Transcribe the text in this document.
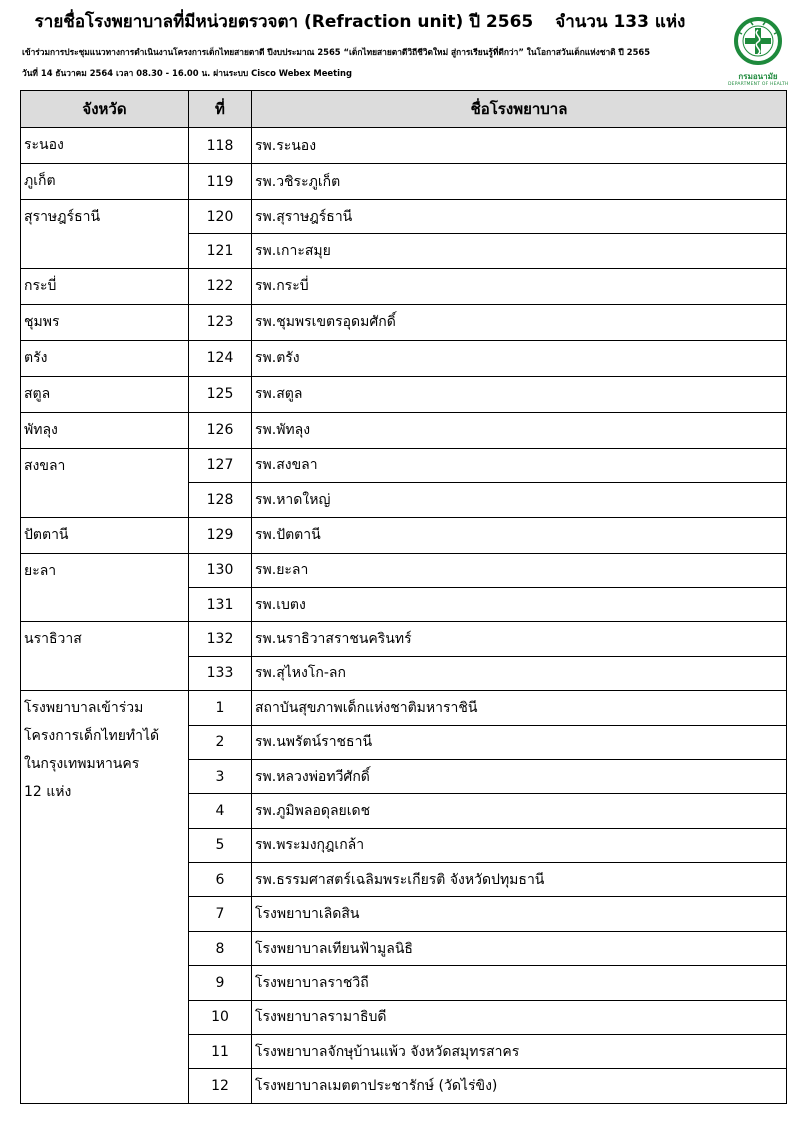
รายชื่อโรงพยาบาลที่มีหน่วยตรวจตา (Refraction unit) ปี 2565 จำนวน 133 แห่ง
เข้าร่วมการประชุมแนวทางการดำเนินงานโครงการเด็กไทยสายตาดี ปีงบประมาณ 2565 “เด็กไทยสายตาดีวิถีชีวิตใหม่ สู่การเรียนรู้ที่ดีกว่า” ในโอกาสวันเด็กแห่งชาติ ปี 2565
วันที่ 14 ธันวาคม 2564 เวลา 08.30 - 16.00 น. ผ่านระบบ Cisco Webex Meeting	กรมอนามัย
DEPARTMENT OF HEALTH
จังหวัด	ที่	ชื่อโรงพยาบาล

ระนอง	118	รพ.ระนอง

ภูเก็ต	119	รพ.วชิระภูเก็ต

สุราษฎร์ธานี	120	รพ.สุราษฎร์ธานี
	121	รพ.เกาะสมุย

กระบี่	122	รพ.กระบี่

ชุมพร	123	รพ.ชุมพรเขตรอุดมศักดิ์

ตรัง	124	รพ.ตรัง

สตูล	125	รพ.สตูล

พัทลุง	126	รพ.พัทลุง

สงขลา	127	รพ.สงขลา
	128	รพ.หาดใหญ่

ปัตตานี	129	รพ.ปัตตานี

ยะลา	130	รพ.ยะลา
	131	รพ.เบตง

นราธิวาส	132	รพ.นราธิวาสราชนครินทร์
	133	รพ.สุไหงโก-ลก

โรงพยาบาลเข้าร่วม
โครงการเด็กไทยทำได้
ในกรุงเทพมหานคร
12 แห่ง	1	สถาบันสุขภาพเด็กแห่งชาติมหาราชินี
	2	รพ.นพรัตน์ราชธานี
	3	รพ.หลวงพ่อทวีศักดิ์
	4	รพ.ภูมิพลอดุลยเดช
	5	รพ.พระมงกุฎเกล้า
	6	รพ.ธรรมศาสตร์เฉลิมพระเกียรติ จังหวัดปทุมธานี
	7	โรงพยาบาเลิดสิน
	8	โรงพยาบาลเทียนฟ้ามูลนิธิ
	9	โรงพยาบาลราชวิถี
	10	โรงพยาบาลรามาธิบดี
	11	โรงพยาบาลจักษุบ้านแพ้ว จังหวัดสมุทรสาคร
	12	โรงพยาบาลเมตตาประชารักษ์ (วัดไร่ขิง)
